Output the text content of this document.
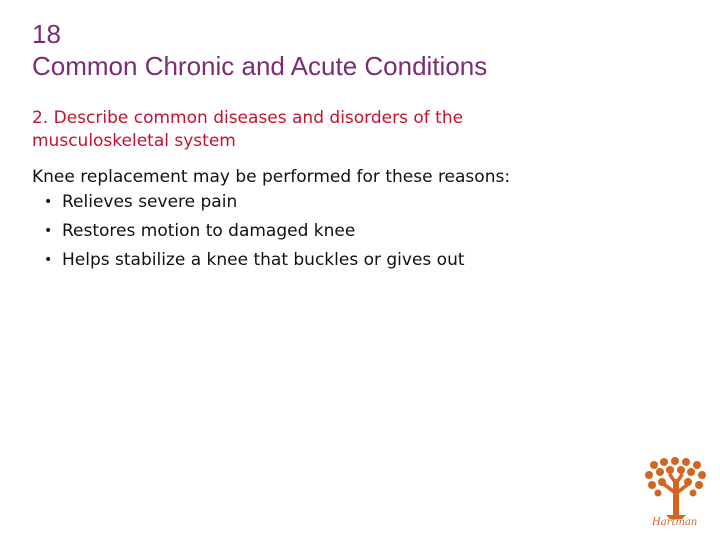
18
Common Chronic and Acute Conditions

2. Describe common diseases and disorders of the
musculoskeletal system

Knee replacement may be performed for these reasons:

• Relieves severe pain
• Restores motion to damaged knee
• Helps stabilize a knee that buckles or gives out
Hartman
